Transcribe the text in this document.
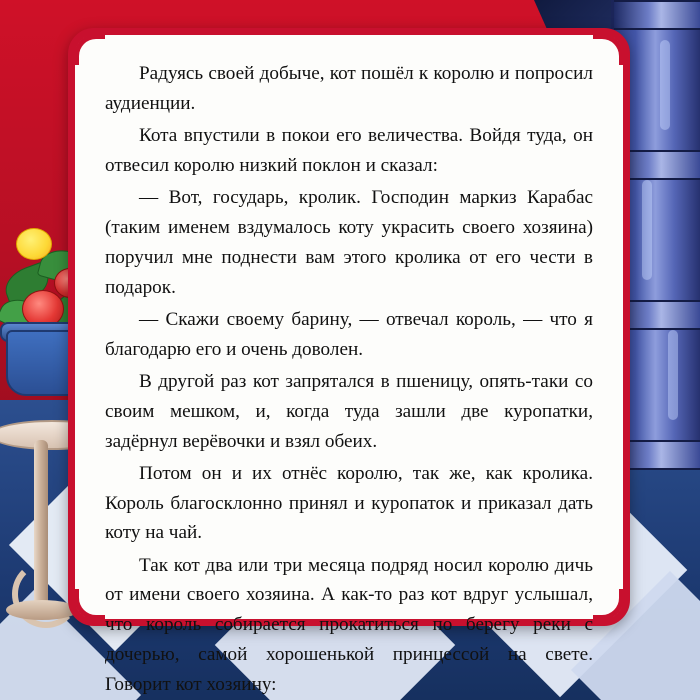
Радуясь своей добыче, кот пошёл к королю и попросил аудиенции.

Кота впустили в покои его величества. Войдя туда, он отвесил королю низкий поклон и сказал:

— Вот, государь, кролик. Господин маркиз Карабас (таким именем вздумалось коту украсить своего хозяина) поручил мне поднести вам этого кролика от его чести в подарок.

— Скажи своему барину, — отвечал король, — что я благодарю его и очень доволен.

В другой раз кот запрятался в пшеницу, опять-таки со своим мешком, и, когда туда зашли две куропатки, задёрнул верёвочки и взял обеих.

Потом он и их отнёс королю, так же, как кролика. Король благосклонно принял и куропаток и приказал дать коту на чай.

Так кот два или три месяца подряд носил королю дичь от имени своего хозяина. А как-то раз кот вдруг услышал, что король собирается прокатиться по берегу реки с дочерью, самой хорошенькой принцессой на свете. Говорит кот хозяину:
